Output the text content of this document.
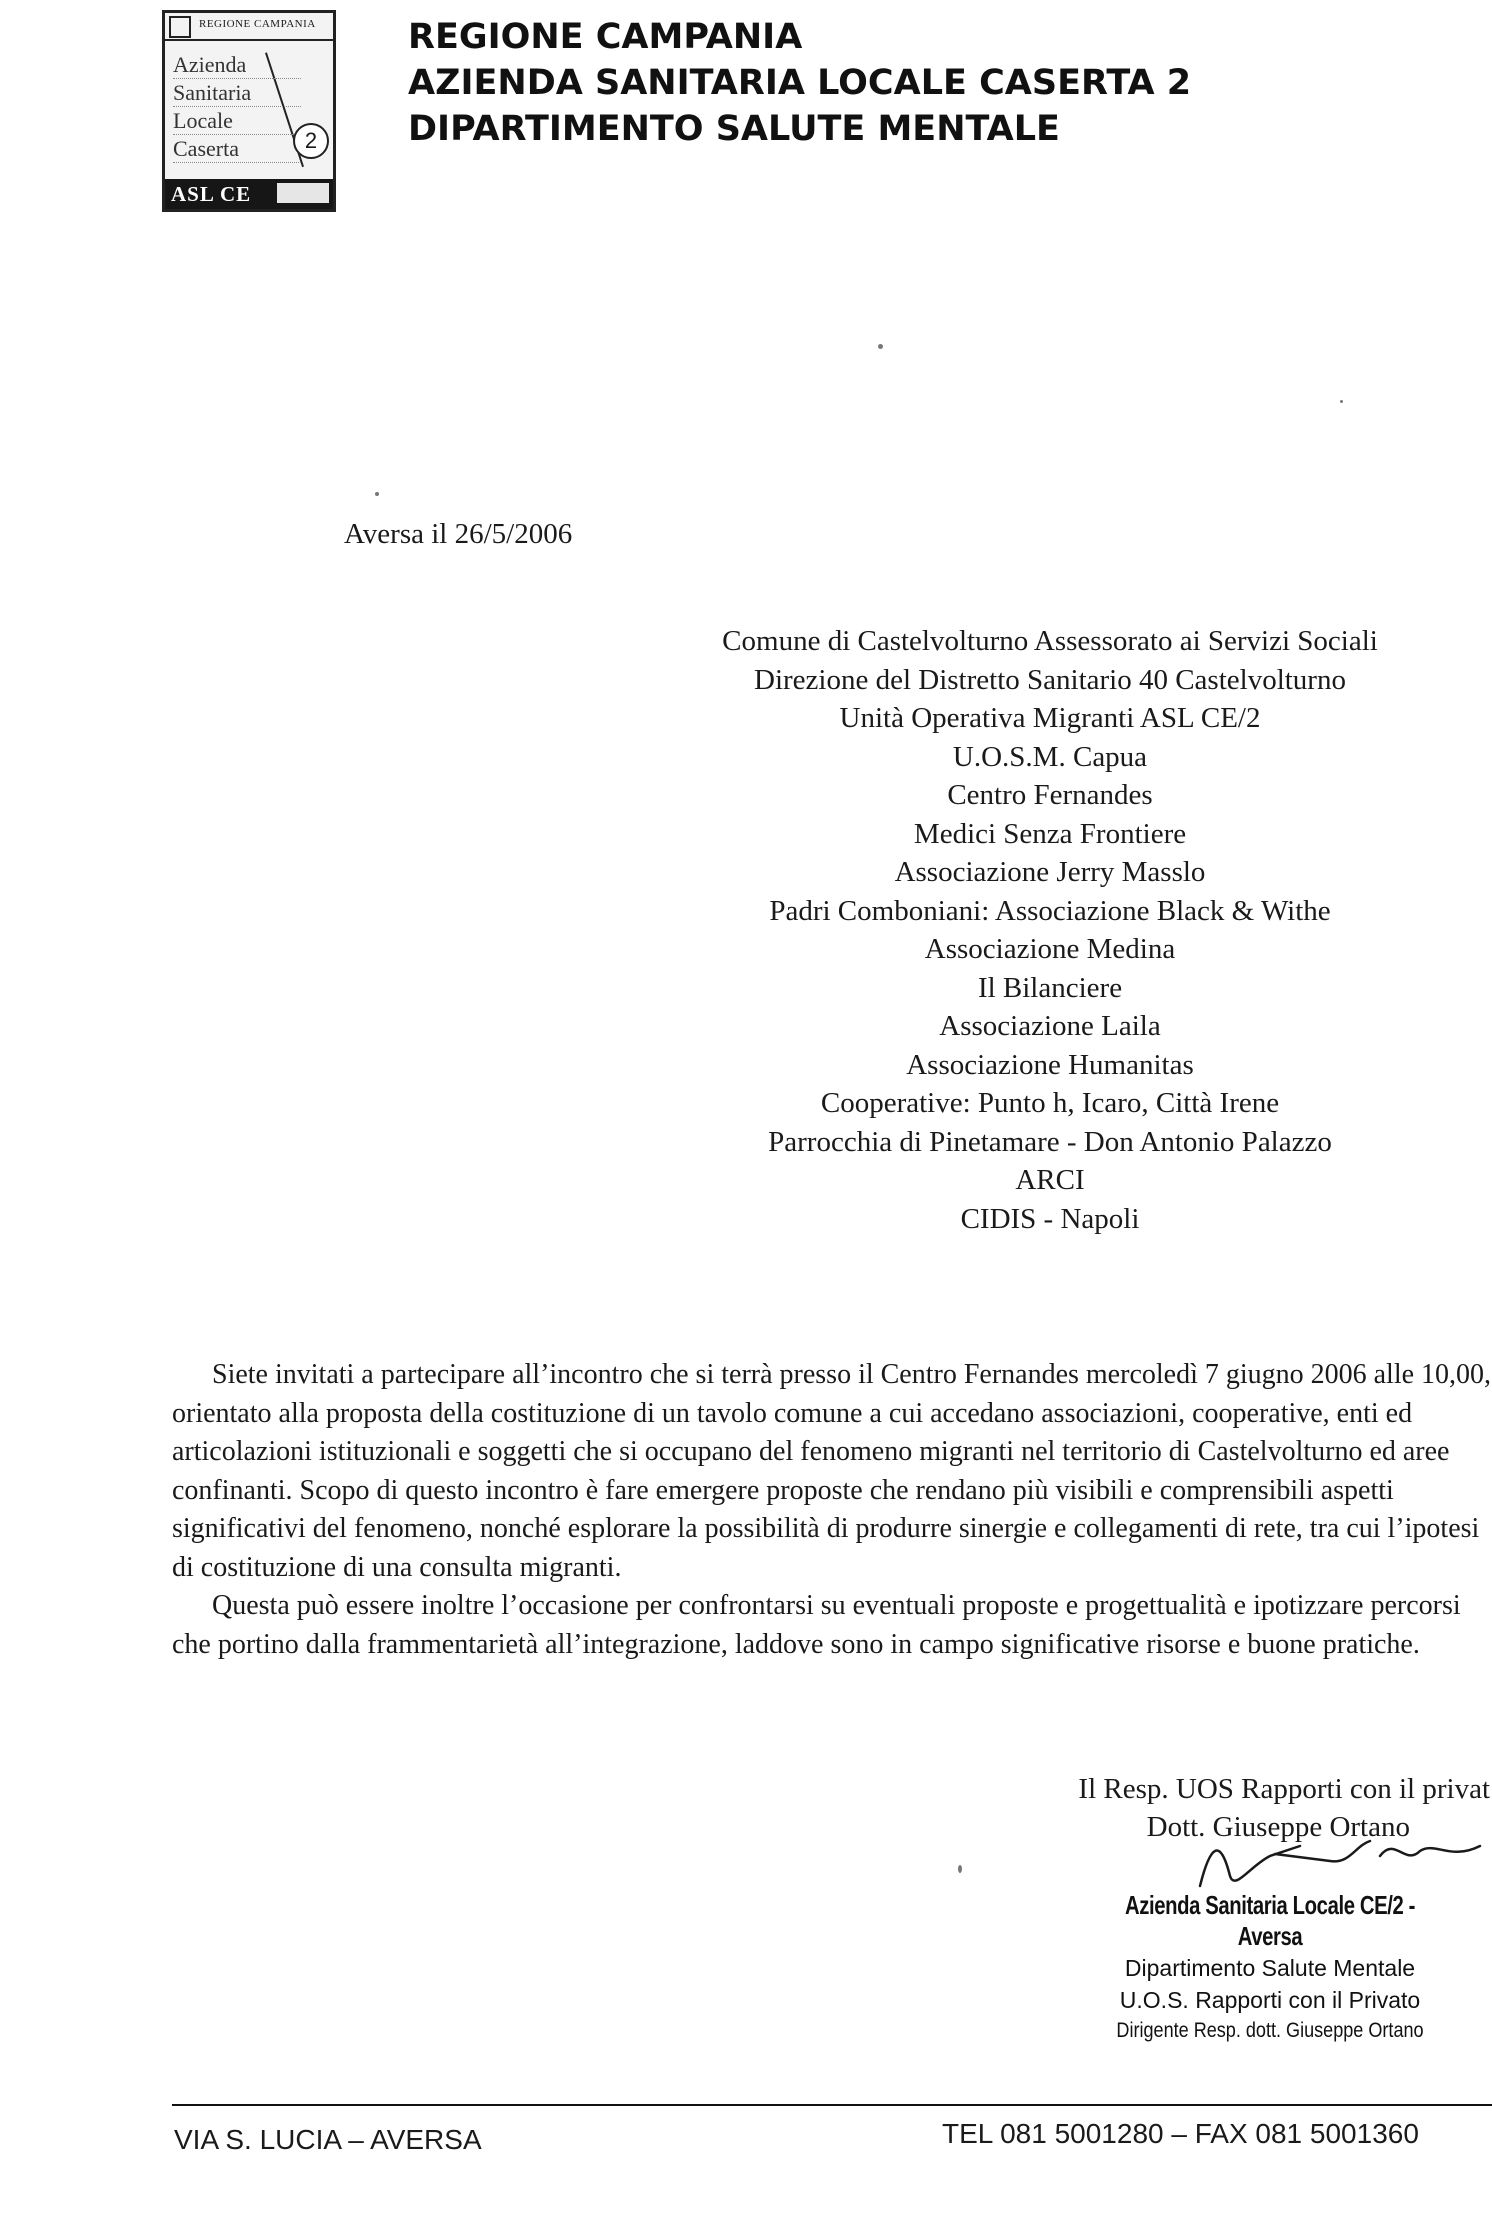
REGIONE CAMPANIA
Azienda
Sanitaria
Locale
Caserta	2
ASL CE
REGIONE CAMPANIA
AZIENDA SANITARIA LOCALE CASERTA 2
DIPARTIMENTO SALUTE MENTALE
Aversa il 26/5/2006
Comune di Castelvolturno Assessorato ai Servizi Sociali
Direzione del Distretto Sanitario 40 Castelvolturno
Unità Operativa Migranti ASL CE/2
U.O.S.M. Capua
Centro Fernandes
Medici Senza Frontiere
Associazione Jerry Masslo
Padri Comboniani: Associazione Black & Withe
Associazione Medina
Il Bilanciere
Associazione Laila
Associazione Humanitas
Cooperative: Punto h, Icaro, Città Irene
Parrocchia di Pinetamare - Don Antonio Palazzo
ARCI
CIDIS - Napoli

Siete invitati a partecipare all’incontro che si terrà presso il Centro Fernandes mercoledì 7 giugno 2006 alle 10,00, orientato alla proposta della costituzione di un tavolo comune a cui accedano associazioni, cooperative, enti ed articolazioni istituzionali e soggetti che si occupano del fenomeno migranti nel territorio di Castelvolturno ed aree confinanti. Scopo di questo incontro è fare emergere proposte che rendano più visibili e comprensibili aspetti significativi del fenomeno, nonché esplorare la possibilità di produrre sinergie e collegamenti di rete, tra cui l’ipotesi di costituzione di una consulta migranti.

Questa può essere inoltre l’occasione per confrontarsi su eventuali proposte e progettualità e ipotizzare percorsi che portino dalla frammentarietà all’integrazione, laddove sono in campo significative risorse e buone pratiche.

Il Resp. UOS Rapporti con il privat
Dott. Giuseppe Ortano
Azienda Sanitaria Locale CE/2 - Aversa
Dipartimento Salute Mentale
U.O.S. Rapporti con il Privato
Dirigente Resp. dott. Giuseppe Ortano
VIA S. LUCIA – AVERSA	TEL 081 5001280 – FAX 081 5001360
